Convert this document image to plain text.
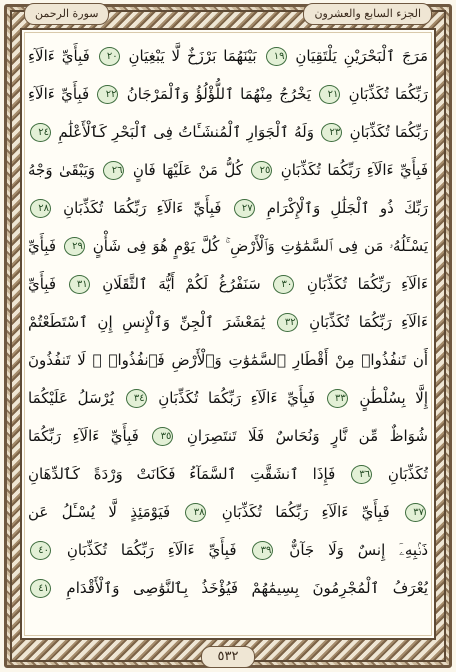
الجزء السابع والعشرون
سورة الرحمن
مَرَجَ ٱلْبَحْرَيْنِ يَلْتَقِيَانِ ١٩ بَيْنَهُمَا بَرْزَخٌ لَّا يَبْغِيَانِ ٢٠ فَبِأَيِّ ءَالَآءِ
رَبِّكُمَا تُكَذِّبَانِ ٢١ يَخْرُجُ مِنْهُمَا ٱللُّؤْلُؤُ وَٱلْمَرْجَانُ ٢٢ فَبِأَيِّ ءَالَآءِ
رَبِّكُمَا تُكَذِّبَانِ ٢٣ وَلَهُ ٱلْجَوَارِ ٱلْمُنشَـَٔاتُ فِى ٱلْبَحْرِ كَٱلْأَعْلَٰمِ ٢٤
فَبِأَيِّ ءَالَآءِ رَبِّكُمَا تُكَذِّبَانِ ٢٥ كُلُّ مَنْ عَلَيْهَا فَانٍ ٢٦ وَيَبْقَىٰ وَجْهُ
رَبِّكَ ذُو ٱلْجَلَٰلِ وَٱلْإِكْرَامِ ٢٧ فَبِأَيِّ ءَالَآءِ رَبِّكُمَا تُكَذِّبَانِ ٢٨
يَسْـَٔلُهُۥ مَن فِى ٱلسَّمَٰوَٰتِ وَٱلْأَرْضِ ۚ كُلَّ يَوْمٍ هُوَ فِى شَأْنٍ ٢٩ فَبِأَيِّ
ءَالَآءِ رَبِّكُمَا تُكَذِّبَانِ ٣٠ سَنَفْرُغُ لَكُمْ أَيُّهَ ٱلثَّقَلَانِ ٣١ فَبِأَيِّ
ءَالَآءِ رَبِّكُمَا تُكَذِّبَانِ ٣٢ يَٰمَعْشَرَ ٱلْجِنِّ وَٱلْإِنسِ إِنِ ٱسْتَطَعْتُمْ
أَن تَنفُذُوا۟ مِنْ أَقْطَارِ ٱلسَّمَٰوَٰتِ وَٱلْأَرْضِ فَٱنفُذُوا۟ ۚ لَا تَنفُذُونَ
إِلَّا بِسُلْطَٰنٍ ٣٣ فَبِأَيِّ ءَالَآءِ رَبِّكُمَا تُكَذِّبَانِ ٣٤ يُرْسَلُ عَلَيْكُمَا
شُوَاظٌ مِّن نَّارٍ وَنُحَاسٌ فَلَا تَنتَصِرَانِ ٣٥ فَبِأَيِّ ءَالَآءِ رَبِّكُمَا
تُكَذِّبَانِ ٣٦ فَإِذَا ٱنشَقَّتِ ٱلسَّمَآءُ فَكَانَتْ وَرْدَةً كَٱلدِّهَانِ
٣٧ فَبِأَيِّ ءَالَآءِ رَبِّكُمَا تُكَذِّبَانِ ٣٨ فَيَوْمَئِذٍ لَّا يُسْـَٔلُ عَن
ذَنۢبِهِۦٓ إِنسٌ وَلَا جَآنٌّ ٣٩ فَبِأَيِّ ءَالَآءِ رَبِّكُمَا تُكَذِّبَانِ ٤٠
يُعْرَفُ ٱلْمُجْرِمُونَ بِسِيمَٰهُمْ فَيُؤْخَذُ بِٱلنَّوَٰصِى وَٱلْأَقْدَامِ ٤١
٥٣٢
